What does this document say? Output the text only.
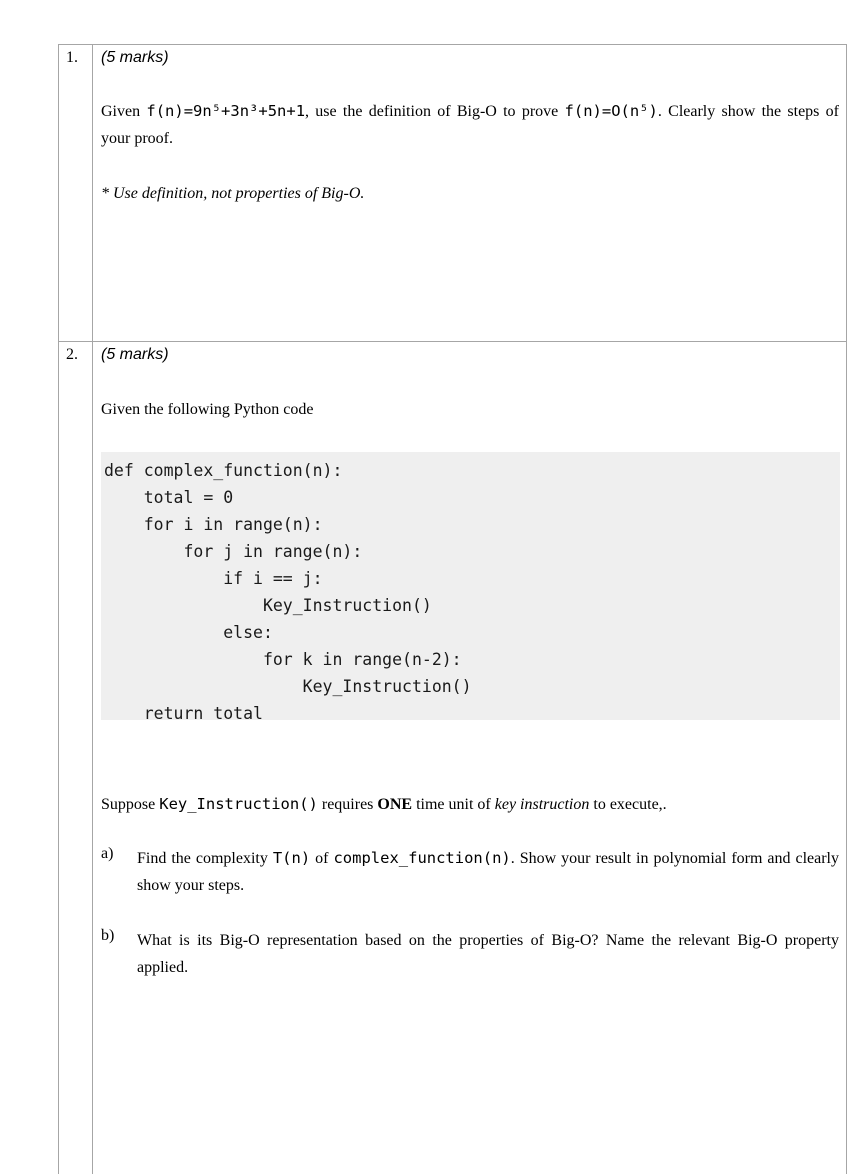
1. (5 marks)
Given f(n)=9n⁵+3n³+5n+1, use the definition of Big-O to prove f(n)=O(n⁵). Clearly show the steps of your proof.
* Use definition, not properties of Big-O.
2. (5 marks)
Given the following Python code
def complex_function(n):
total = 0
for i in range(n):
for j in range(n):
if i == j:
Key_Instruction()
else:
for k in range(n-2):
Key_Instruction()
return total
Suppose Key_Instruction() requires ONE time unit of key instruction to execute,.
a) Find the complexity T(n) of complex_function(n). Show your result in polynomial form and clearly show your steps.
b) What is its Big-O representation based on the properties of Big-O? Name the relevant Big-O property applied.
